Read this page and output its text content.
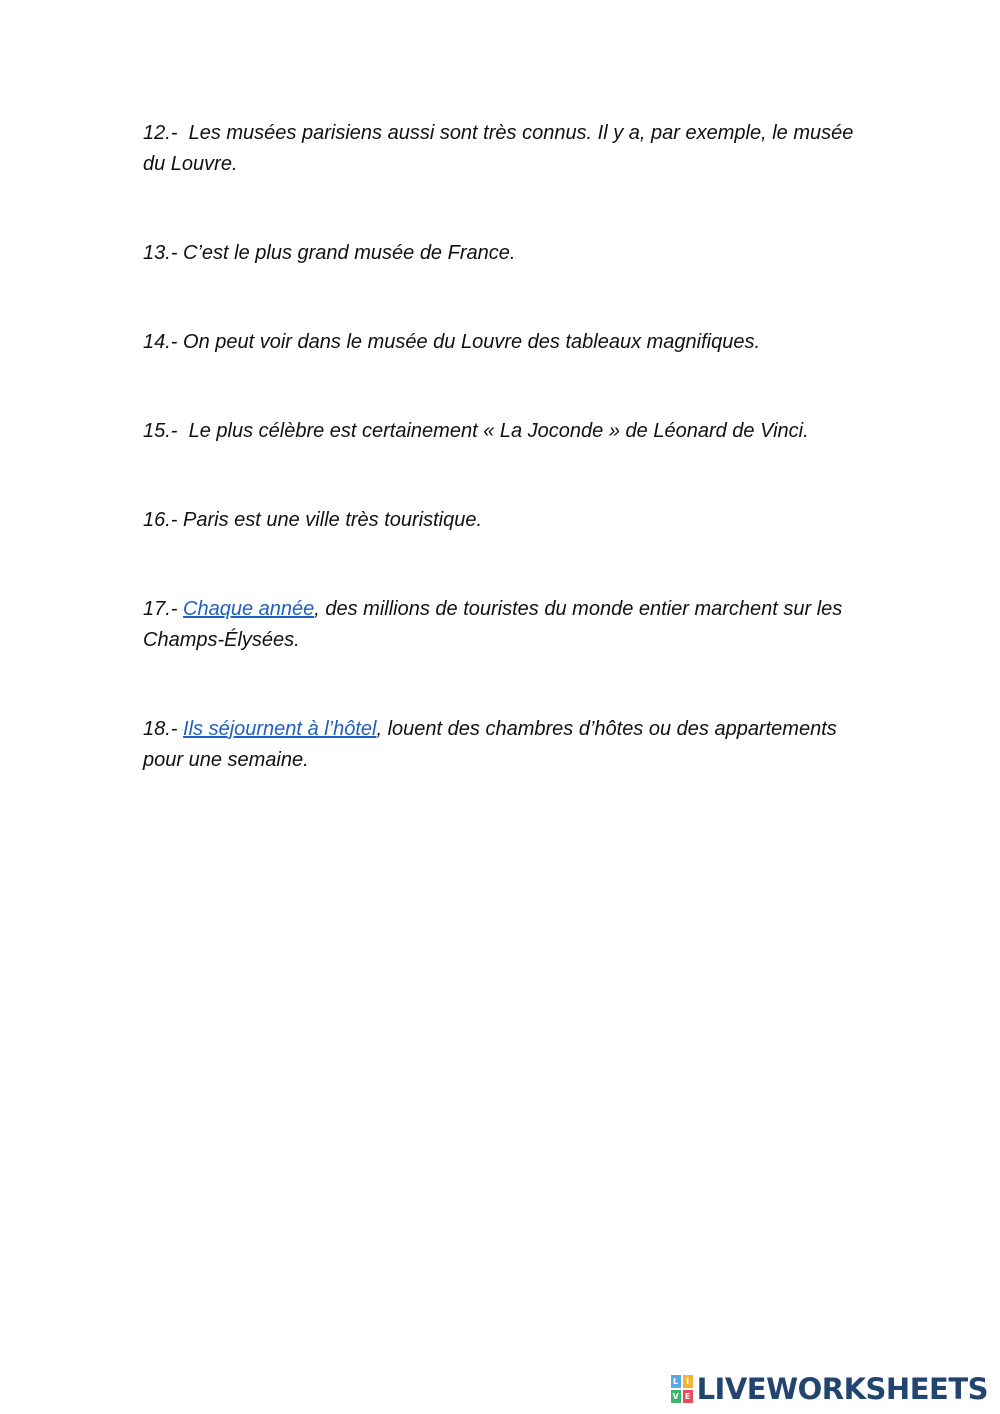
12.-  Les musées parisiens aussi sont très connus. Il y a, par exemple, le musée du Louvre.

13.- C’est le plus grand musée de France.

14.- On peut voir dans le musée du Louvre des tableaux magnifiques.

15.-  Le plus célèbre est certainement « La Joconde » de Léonard de Vinci.

16.- Paris est une ville très touristique.

17.- Chaque année, des millions de touristes du monde entier marchent sur les Champs-Élysées.

18.- Ils séjournent à l’hôtel, louent des chambres d’hôtes ou des appartements pour une semaine.

L I
V E LIVEWORKSHEETS
